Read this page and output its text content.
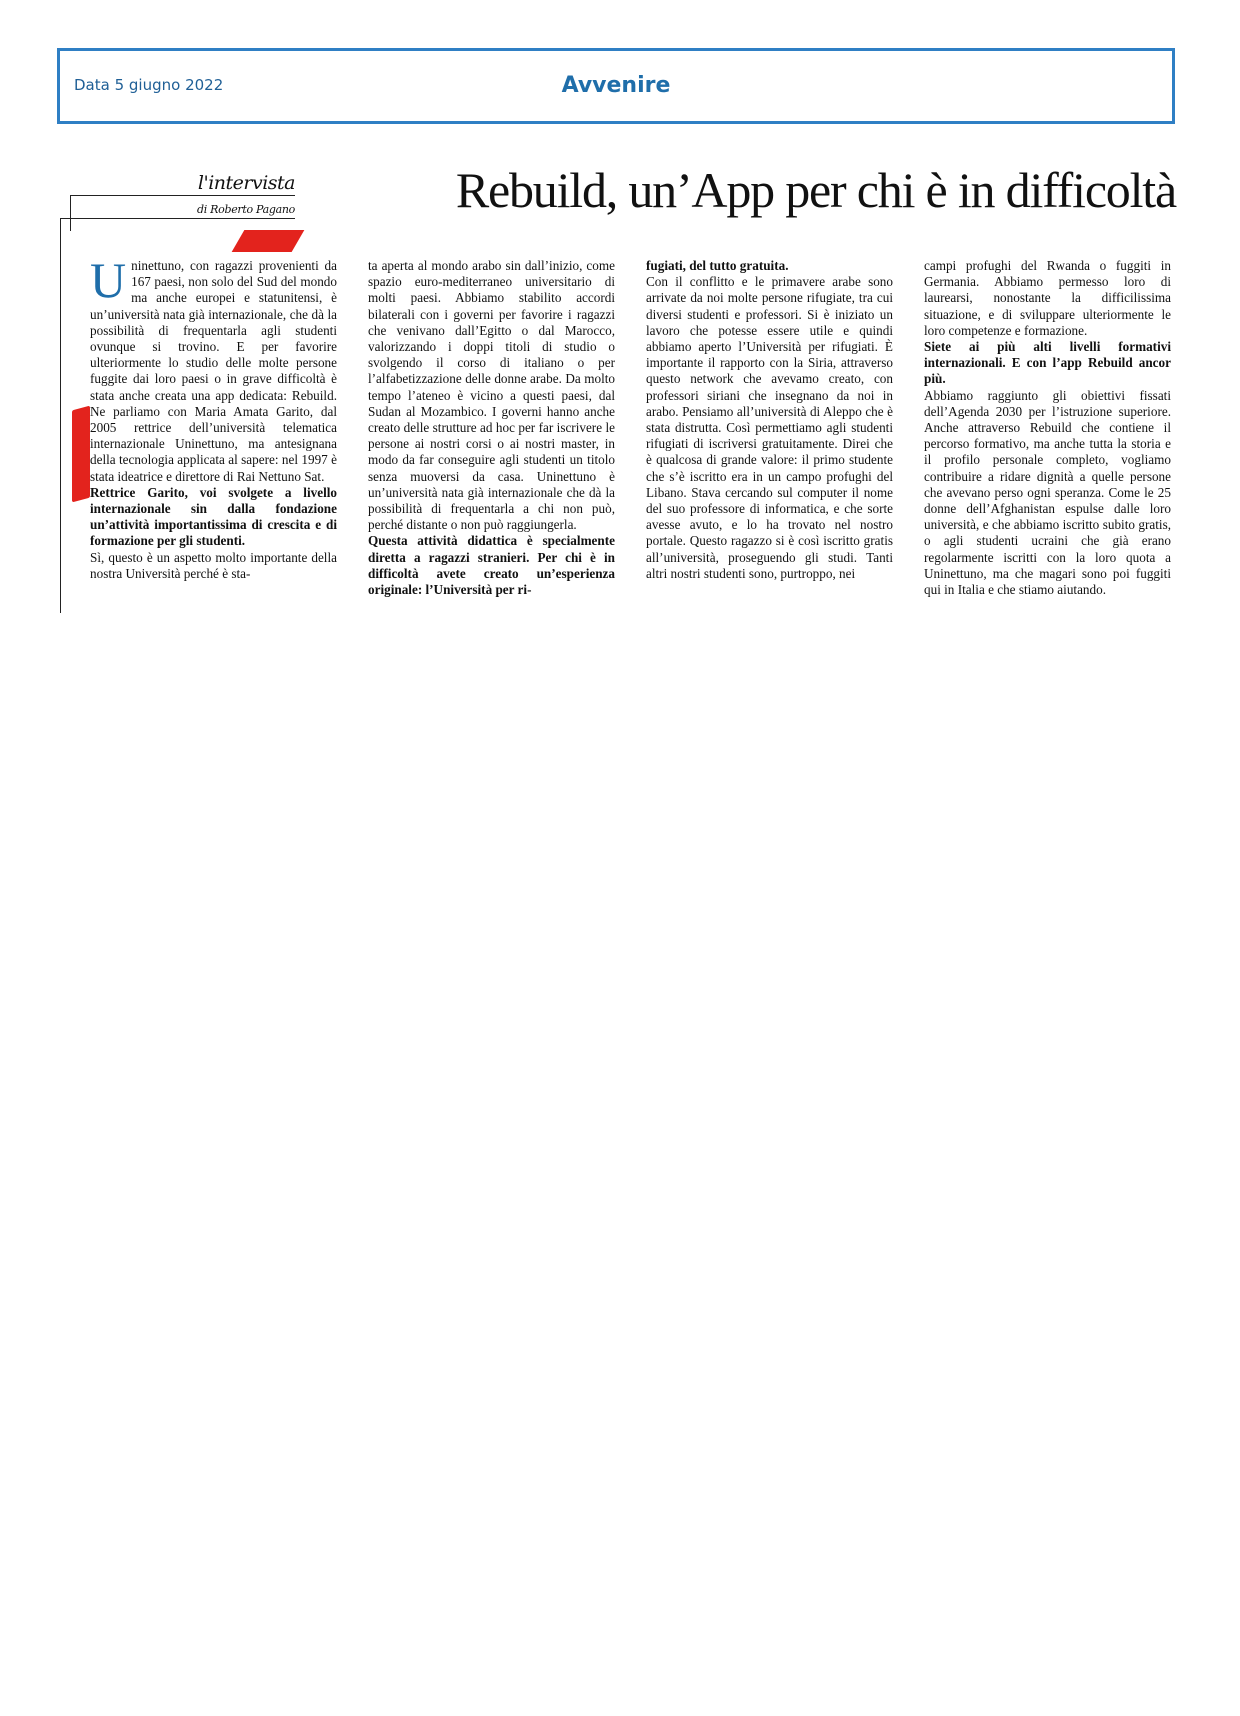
Data 5 giugno 2022	Avvenire
l'intervista
di Roberto Pagano	Rebuild, un’App per chi è in difficoltà

Uninettuno, con ragazzi provenienti da 167 paesi, non solo del Sud del mondo ma anche europei e statunitensi, è un’università nata già internazionale, che dà la possibilità di frequentarla agli studenti ovunque si trovino. E per favorire ulteriormente lo studio delle molte persone fuggite dai loro paesi o in grave difficoltà è stata anche creata una app dedicata: Rebuild. Ne parliamo con Maria Amata Garito, dal 2005 rettrice dell’università telematica internazionale Uninettuno, ma antesignana della tecnologia applicata al sapere: nel 1997 è stata ideatrice e direttore di Rai Nettuno Sat.

Rettrice Garito, voi svolgete a livello internazionale sin dalla fondazione un’attività importantissima di crescita e di formazione per gli studenti.

Sì, questo è un aspetto molto importante della nostra Università perché è sta-

ta aperta al mondo arabo sin dall’inizio, come spazio euro-mediterraneo universitario di molti paesi. Abbiamo stabilito accordi bilaterali con i governi per favorire i ragazzi che venivano dall’Egitto o dal Marocco, valorizzando i doppi titoli di studio o svolgendo il corso di italiano o per l’alfabetizzazione delle donne arabe. Da molto tempo l’ateneo è vicino a questi paesi, dal Sudan al Mozambico. I governi hanno anche creato delle strutture ad hoc per far iscrivere le persone ai nostri corsi o ai nostri master, in modo da far conseguire agli studenti un titolo senza muoversi da casa. Uninettuno è un’università nata già internazionale che dà la possibilità di frequentarla a chi non può, perché distante o non può raggiungerla.

Questa attività didattica è specialmente diretta a ragazzi stranieri. Per chi è in difficoltà avete creato un’esperienza originale: l’Università per ri-

fugiati, del tutto gratuita.

Con il conflitto e le primavere arabe sono arrivate da noi molte persone rifugiate, tra cui diversi studenti e professori. Si è iniziato un lavoro che potesse essere utile e quindi abbiamo aperto l’Università per rifugiati. È importante il rapporto con la Siria, attraverso questo network che avevamo creato, con professori siriani che insegnano da noi in arabo. Pensiamo all’università di Aleppo che è stata distrutta. Così permettiamo agli studenti rifugiati di iscriversi gratuitamente. Direi che è qualcosa di grande valore: il primo studente che s’è iscritto era in un campo profughi del Libano. Stava cercando sul computer il nome del suo professore di informatica, e che sorte avesse avuto, e lo ha trovato nel nostro portale. Questo ragazzo si è così iscritto gratis all’università, proseguendo gli studi. Tanti altri nostri studenti sono, purtroppo, nei

campi profughi del Rwanda o fuggiti in Germania. Abbiamo permesso loro di laurearsi, nonostante la difficilissima situazione, e di sviluppare ulteriormente le loro competenze e formazione.

Siete ai più alti livelli formativi internazionali. E con l’app Rebuild ancor più.

Abbiamo raggiunto gli obiettivi fissati dell’Agenda 2030 per l’istruzione superiore. Anche attraverso Rebuild che contiene il percorso formativo, ma anche tutta la storia e il profilo personale completo, vogliamo contribuire a ridare dignità a quelle persone che avevano perso ogni speranza. Come le 25 donne dell’Afghanistan espulse dalle loro università, e che abbiamo iscritto subito gratis, o agli studenti ucraini che già erano regolarmente iscritti con la loro quota a Uninettuno, ma che magari sono poi fuggiti qui in Italia e che stiamo aiutando.
